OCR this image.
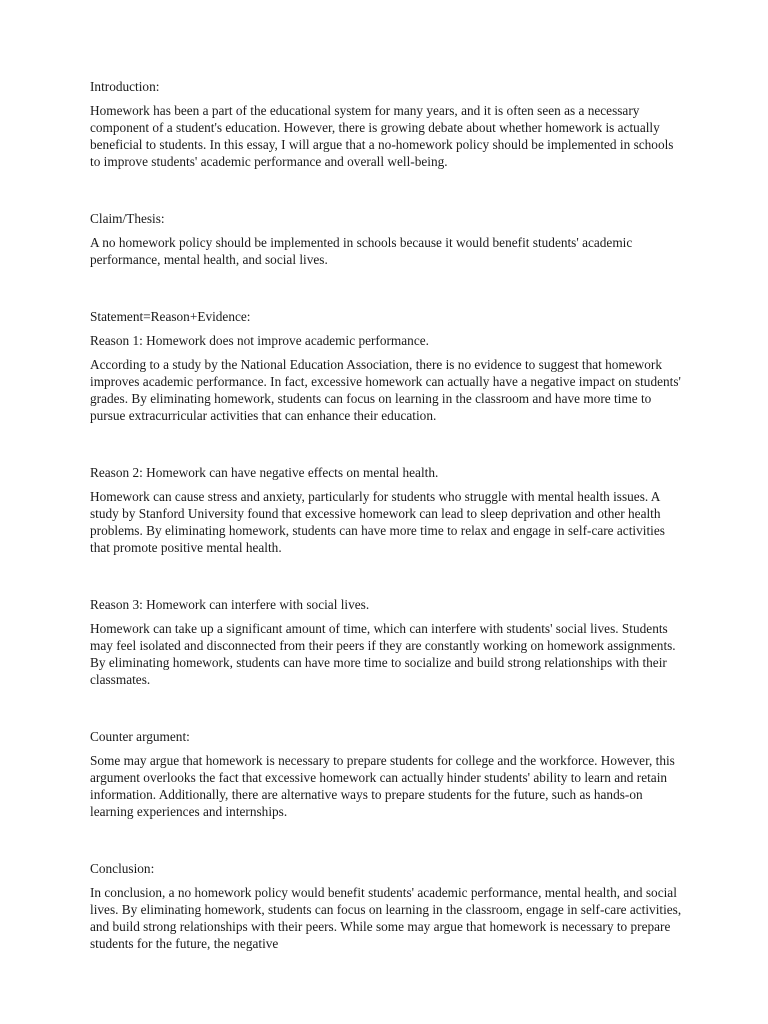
Introduction:
Homework has been a part of the educational system for many years, and it is often seen as a necessary component of a student's education. However, there is growing debate about whether homework is actually beneficial to students. In this essay, I will argue that a no-homework policy should be implemented in schools to improve students' academic performance and overall well-being.
Claim/Thesis:
A no homework policy should be implemented in schools because it would benefit students' academic performance, mental health, and social lives.
Statement=Reason+Evidence:
Reason 1: Homework does not improve academic performance.
According to a study by the National Education Association, there is no evidence to suggest that homework improves academic performance. In fact, excessive homework can actually have a negative impact on students' grades. By eliminating homework, students can focus on learning in the classroom and have more time to pursue extracurricular activities that can enhance their education.
Reason 2: Homework can have negative effects on mental health.
Homework can cause stress and anxiety, particularly for students who struggle with mental health issues. A study by Stanford University found that excessive homework can lead to sleep deprivation and other health problems. By eliminating homework, students can have more time to relax and engage in self-care activities that promote positive mental health.
Reason 3: Homework can interfere with social lives.
Homework can take up a significant amount of time, which can interfere with students' social lives. Students may feel isolated and disconnected from their peers if they are constantly working on homework assignments. By eliminating homework, students can have more time to socialize and build strong relationships with their classmates.
Counter argument:
Some may argue that homework is necessary to prepare students for college and the workforce. However, this argument overlooks the fact that excessive homework can actually hinder students' ability to learn and retain information. Additionally, there are alternative ways to prepare students for the future, such as hands-on learning experiences and internships.
Conclusion:
In conclusion, a no homework policy would benefit students' academic performance, mental health, and social lives. By eliminating homework, students can focus on learning in the classroom, engage in self-care activities, and build strong relationships with their peers. While some may argue that homework is necessary to prepare students for the future, the negative
